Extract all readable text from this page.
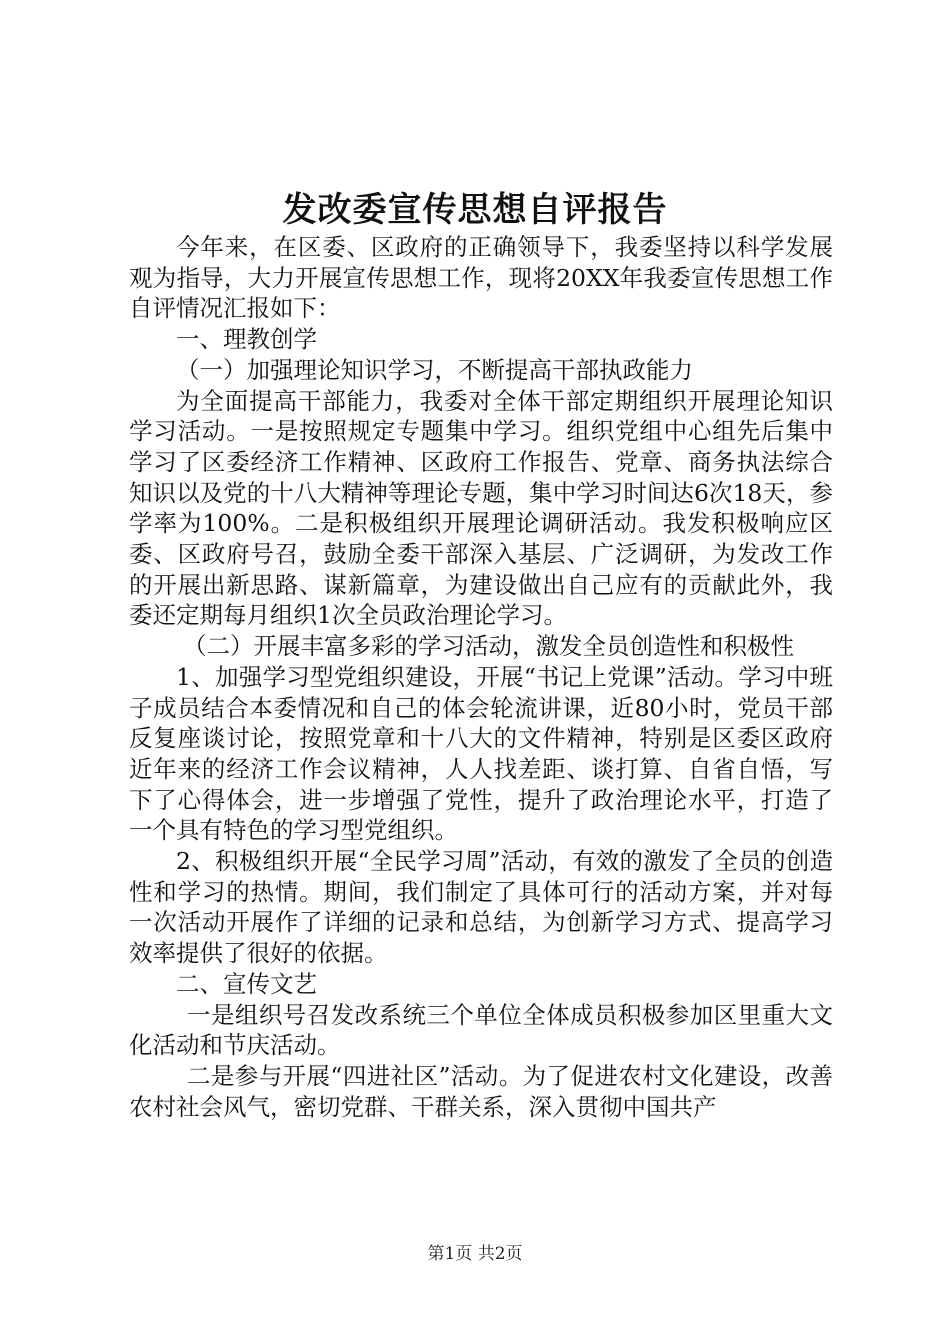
发改委宣传思想自评报告

今年来，在区委、区政府的正确领导下，我委坚持以科学发展观为指导，大力开展宣传思想工作，现将20XX年我委宣传思想工作自评情况汇报如下：

一、理教创学

（一）加强理论知识学习，不断提高干部执政能力

为全面提高干部能力，我委对全体干部定期组织开展理论知识学习活动。一是按照规定专题集中学习。组织党组中心组先后集中学习了区委经济工作精神、区政府工作报告、党章、商务执法综合知识以及党的十八大精神等理论专题，集中学习时间达6次18天，参学率为100%。二是积极组织开展理论调研活动。我发积极响应区委、区政府号召，鼓励全委干部深入基层、广泛调研，为发改工作的开展出新思路、谋新篇章，为建设做出自己应有的贡献此外，我委还定期每月组织1次全员政治理论学习。

（二）开展丰富多彩的学习活动，激发全员创造性和积极性

1、加强学习型党组织建设，开展“书记上党课”活动。学习中班子成员结合本委情况和自己的体会轮流讲课，近80小时，党员干部反复座谈讨论，按照党章和十八大的文件精神，特别是区委区政府近年来的经济工作会议精神，人人找差距、谈打算、自省自悟，写下了心得体会，进一步增强了党性，提升了政治理论水平，打造了一个具有特色的学习型党组织。

2、积极组织开展“全民学习周”活动，有效的激发了全员的创造性和学习的热情。期间，我们制定了具体可行的活动方案，并对每一次活动开展作了详细的记录和总结，为创新学习方式、提高学习效率提供了很好的依据。

二、宣传文艺

一是组织号召发改系统三个单位全体成员积极参加区里重大文化活动和节庆活动。

二是参与开展“四进社区”活动。为了促进农村文化建设，改善农村社会风气，密切党群、干群关系，深入贯彻中国共产

第1页 共2页
